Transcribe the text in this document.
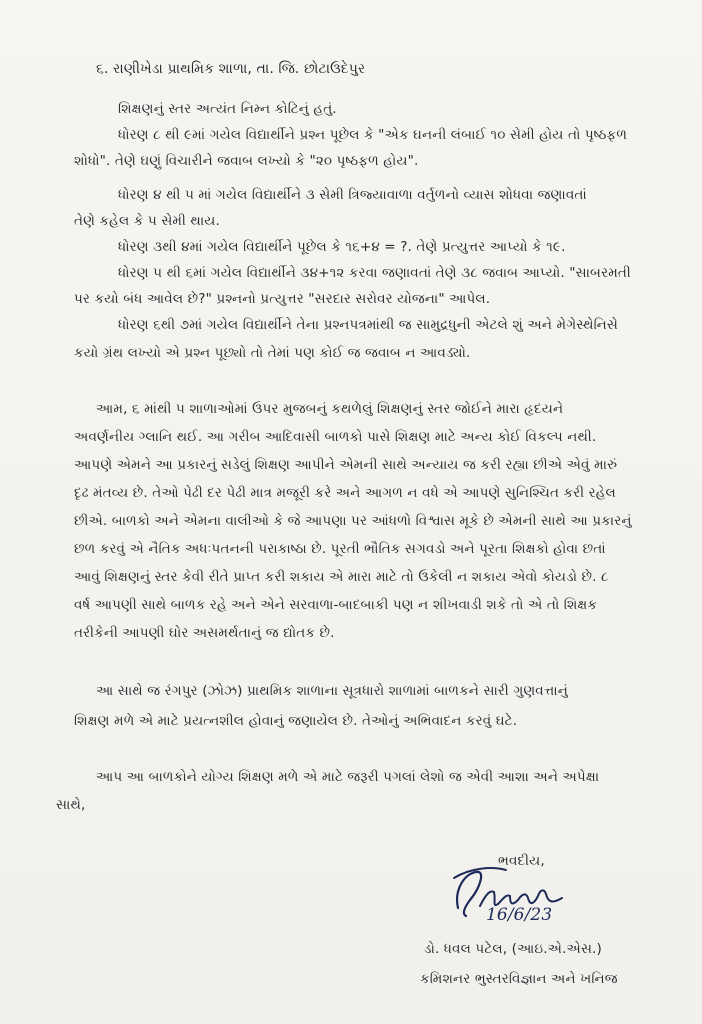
૬. રાણીખેડા પ્રાથમિક શાળા, તા. જિ. છોટાઉદેપુર
શિક્ષણનું સ્તર અત્યંત નિમ્ન કોટિનું હતું.
ધોરણ ૮ થી ૯માં ગયેલ વિદ્યાર્થીને પ્રશ્ન પૂછેલ કે "એક ઘનની લંબાઈ ૧૦ સેમી હોય તો પૃષ્ઠફળ
શોધો". તેણે ઘણું વિચારીને જવાબ લખ્યો કે "૨૦ પૃષ્ઠફળ હોય".
ધોરણ ૪ થી ૫ માં ગયેલ વિદ્યાર્થીને ૩ સેમી ત્રિજ્યાવાળા વર્તુળનો વ્યાસ શોધવા જણાવતાં
તેણે કહેલ કે ૫ સેમી થાય.
ધોરણ ૩થી ૪માં ગયેલ વિદ્યાર્થીને પૂછેલ કે ૧૬+૪ = ?. તેણે પ્રત્યુત્તર આપ્યો કે ૧૯.
ધોરણ ૫ થી ૬માં ગયેલ વિદ્યાર્થીને ૩૪+૧૨ કરવા જણાવતાં તેણે ૩૮ જવાબ આપ્યો. "સાબરમતી
પર કયો બંધ આવેલ છે?" પ્રશ્નનો પ્રત્યુત્તર "સરદાર સરોવર યોજના" આપેલ.
ધોરણ ૬થી ૭માં ગયેલ વિદ્યાર્થીને તેના પ્રશ્નપત્રમાંથી જ સામુદ્રધુની એટલે શું અને મેગેસ્થેનિસે
કયો ગ્રંથ લખ્યો એ પ્રશ્ન પૂછ્યો તો તેમાં પણ કોઈ જ જવાબ ન આવડ્યો.
આમ, ૬ માંથી ૫ શાળાઓમાં ઉપર મુજબનું કથળેલું શિક્ષણનું સ્તર જોઈને મારા હૃદયને
અવર્ણનીય ગ્લાનિ થઈ. આ ગરીબ આદિવાસી બાળકો પાસે શિક્ષણ માટે અન્ય કોઈ વિકલ્પ નથી.
આપણે એમને આ પ્રકારનું સડેલું શિક્ષણ આપીને એમની સાથે અન્યાય જ કરી રહ્યા છીએ એવું મારું
દૃઢ મંતવ્ય છે. તેઓ પેઢી દર પેઢી માત્ર મજૂરી કરે અને આગળ ન વધે એ આપણે સુનિશ્ચિત કરી રહેલ
છીએ. બાળકો અને એમના વાલીઓ કે જે આપણા પર આંધળો વિશ્વાસ મૂકે છે એમની સાથે આ પ્રકારનું
છળ કરવું એ નૈતિક અધઃપતનની પરાકાષ્ઠા છે. પૂરતી ભૌતિક સગવડો અને પૂરતા શિક્ષકો હોવા છતાં
આવું શિક્ષણનું સ્તર કેવી રીતે પ્રાપ્ત કરી શકાય એ મારા માટે તો ઉકેલી ન શકાય એવો કોયડો છે. ૮
વર્ષ આપણી સાથે બાળક રહે અને એને સરવાળા-બાદબાકી પણ ન શીખવાડી શકે તો એ તો શિક્ષક
તરીકેની આપણી ઘોર અસમર્થતાનું જ દ્યોતક છે.
આ સાથે જ રંગપુર (ઝોઝ) પ્રાથમિક શાળાના સૂત્રધારો શાળામાં બાળકને સારી ગુણવત્તાનું
શિક્ષણ મળે એ માટે પ્રયત્નશીલ હોવાનું જણાયેલ છે. તેઓનું અભિવાદન કરવું ઘટે.
આપ આ બાળકોને યોગ્ય શિક્ષણ મળે એ માટે જરૂરી પગલાં લેશો જ એવી આશા અને અપેક્ષા
સાથે,
ભવદીય,
16/6/23
ડો. ધવલ પટેલ, (આઇ.એ.એસ.)
કમિશનર ભુસ્તરવિજ્ઞાન અને ખનિજ
